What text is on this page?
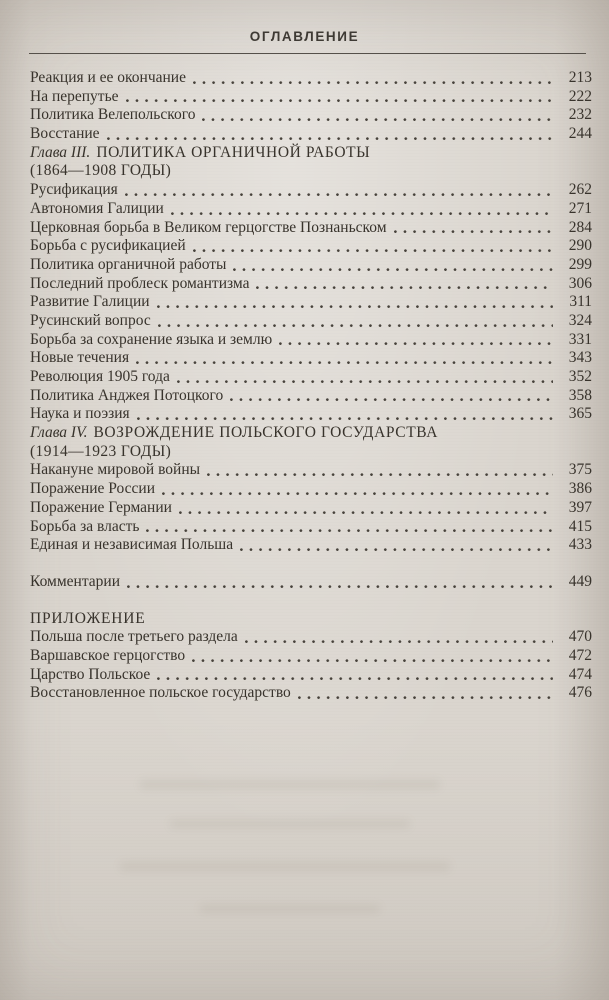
ОГЛАВЛЕНИЕ
Реакция и ее окончание	213
На перепутье	222
Политика Велепольского	232
Восстание	244
Глава III. ПОЛИТИКА ОРГАНИЧНОЙ РАБОТЫ
(1864—1908 ГОДЫ)
Русификация	262
Автономия Галиции	271
Церковная борьба в Великом герцогстве Познаньском	284
Борьба с русификацией	290
Политика органичной работы	299
Последний проблеск романтизма	306
Развитие Галиции	311
Русинский вопрос	324
Борьба за сохранение языка и землю	331
Новые течения	343
Революция 1905 года	352
Политика Анджея Потоцкого	358
Наука и поэзия	365
Глава IV. ВОЗРОЖДЕНИЕ ПОЛЬСКОГО ГОСУДАРСТВА
(1914—1923 ГОДЫ)
Накануне мировой войны	375
Поражение России	386
Поражение Германии	397
Борьба за власть	415
Единая и независимая Польша	433
Комментарии	449
ПРИЛОЖЕНИЕ
Польша после третьего раздела	470
Варшавское герцогство	472
Царство Польское	474
Восстановленное польское государство	476
